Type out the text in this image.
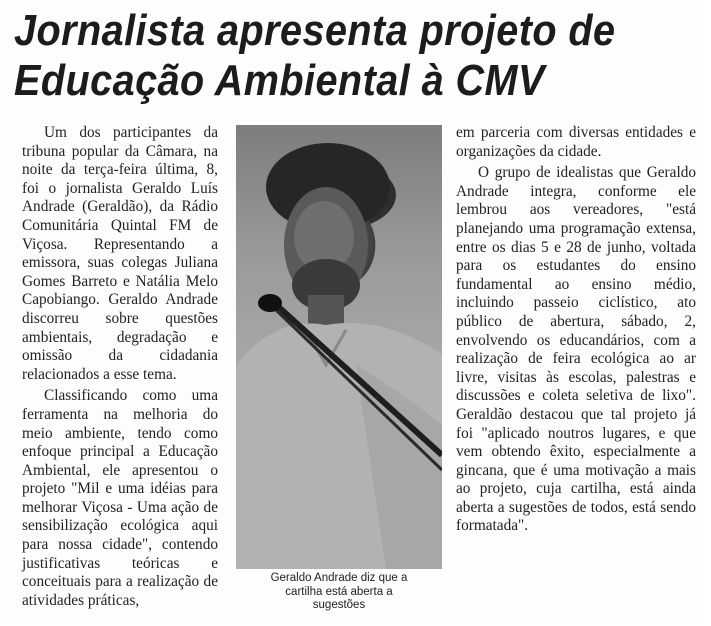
Jornalista apresenta projeto de
Educação Ambiental à CMV

Um dos participantes da tribuna popular da Câmara, na noite da terça-feira última, 8, foi o jornalista Geraldo Luís Andrade (Geraldão), da Rádio Comunitária Quintal FM de Viçosa. Representando a emissora, suas colegas Juliana Gomes Barreto e Natália Melo Capobiango. Geraldo Andrade discorreu sobre questões ambientais, degradação e omissão da cidadania relacionados a esse tema.

Classificando como uma ferramenta na melhoria do meio ambiente, tendo como enfoque principal a Educação Ambiental, ele apresentou o projeto "Mil e uma idéias para melhorar Viçosa - Uma ação de sensibilização ecológica aqui para nossa cidade", contendo justificativas teóricas e conceituais para a realização de atividades práticas,

Geraldo Andrade diz que a
cartilha está aberta a
sugestões

em parceria com diversas entidades e organizações da cidade.

O grupo de idealistas que Geraldo Andrade integra, conforme ele lembrou aos vereadores, "está planejando uma programação extensa, entre os dias 5 e 28 de junho, voltada para os estudantes do ensino fundamental ao ensino médio, incluindo passeio ciclístico, ato público de abertura, sábado, 2, envolvendo os educandários, com a realização de feira ecológica ao ar livre, visitas às escolas, palestras e discussões e coleta seletiva de lixo". Geraldão destacou que tal projeto já foi "aplicado noutros lugares, e que vem obtendo êxito, especialmente a gincana, que é uma motivação a mais ao projeto, cuja cartilha, está ainda aberta a sugestões de todos, está sendo formatada".
